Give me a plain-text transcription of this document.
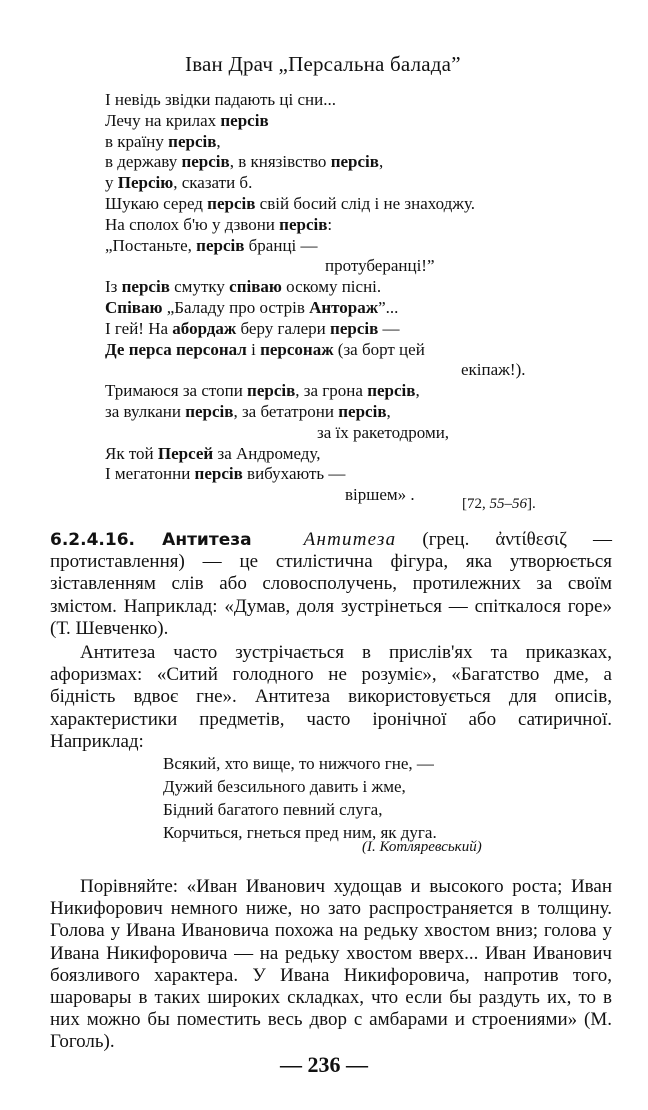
Іван Драч „Персальна балада”
І невідь звідки падають ці сни...
Лечу на крилах персів
в країну персів,
в державу персів, в князівство персів,
у Персію, сказати б.
Шукаю серед персів свій босий слід і не знаходжу.
На сполох б'ю у дзвони персів:
„Постаньте, персів бранці —
протуберанці!”
Із персів смутку співаю оскому пісні.
Співаю „Баладу про острів Антораж”...
І гей! На абордаж беру галери персів —
Де перса персонал і персонаж (за борт цей
екіпаж!).
Тримаюся за стопи персів, за грона персів,
за вулкани персів, за бетатрони персів,
за їх ракетодроми,
Як той Персей за Андромеду,
І мегатонни персів вибухають —
віршем» .	[72, 55–56].
6.2.4.16. Антитеза	Антитеза (грец. ἀντίθεσιζ — протиставлення) — це стилістична фігура, яка утворюється зіставленням слів або словосполучень, протилежних за своїм змістом. Наприклад: «Думав, доля зустрінеться — спіткалося горе» (Т. Шевченко).
Антитеза часто зустрічається в прислів'ях та приказках, афоризмах: «Ситий голодного не розуміє», «Багатство дме, а бідність вдвоє гне». Антитеза використовується для описів, характеристики предметів, часто іронічної або сатиричної. Наприклад:
Всякий, хто вище, то нижчого гне, —
Дужий безсильного давить і жме,
Бідний багатого певний слуга,
Корчиться, гнеться пред ним, як дуга.
(І. Котляревський)
Порівняйте: «Иван Иванович худощав и высокого роста; Иван Никифорович немного ниже, но зато распространяется в толщину. Голова у Ивана Ивановича похожа на редьку хвостом вниз; голова у Ивана Никифоровича — на редьку хвостом вверх... Иван Иванович боязливого характера. У Ивана Никифоровича, напротив того, шаровары в таких широких складках, что если бы раздуть их, то в них можно бы поместить весь двор с амбарами и строениями» (М. Гоголь).
— 236 —
